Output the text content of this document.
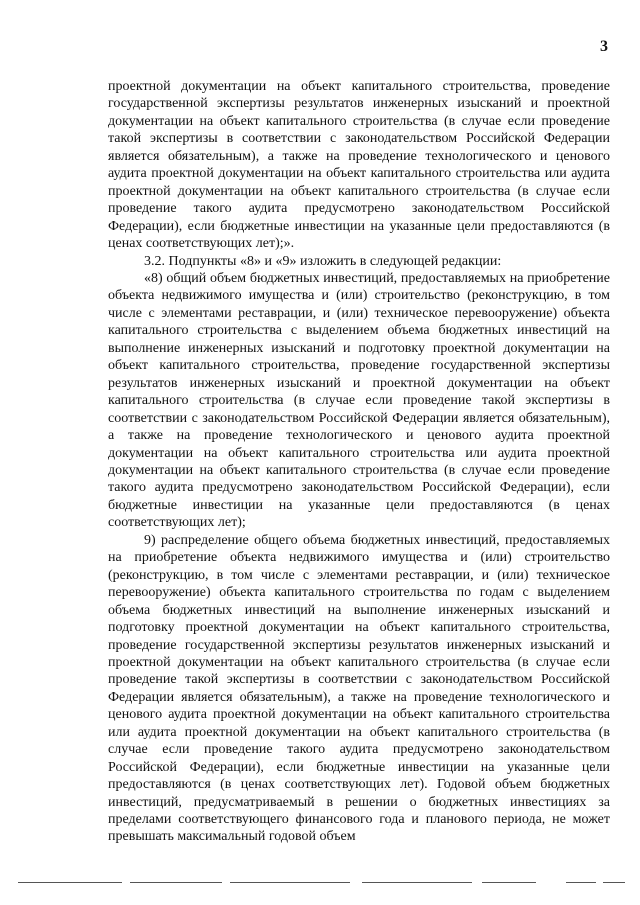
3

проектной документации на объект капитального строительства, проведение государственной экспертизы результатов инженерных изысканий и проектной документации на объект капитального строительства (в случае если проведение такой экспертизы в соответствии с законодательством Российской Федерации является обязательным), а также на проведение технологического и ценового аудита проектной документации на объект капитального строительства или аудита проектной документации на объект капитального строительства (в случае если проведение такого аудита предусмотрено законодательством Российской Федерации), если бюджетные инвестиции на указанные цели предоставляются (в ценах соответствующих лет);».

3.2. Подпункты «8» и «9» изложить в следующей редакции:

«8) общий объем бюджетных инвестиций, предоставляемых на приобретение объекта недвижимого имущества и (или) строительство (реконструкцию, в том числе с элементами реставрации, и (или) техническое перевооружение) объекта капитального строительства с выделением объема бюджетных инвестиций на выполнение инженерных изысканий и подготовку проектной документации на объект капитального строительства, проведение государственной экспертизы результатов инженерных изысканий и проектной документации на объект капитального строительства (в случае если проведение такой экспертизы в соответствии с законодательством Российской Федерации является обязательным), а также на проведение технологического и ценового аудита проектной документации на объект капитального строительства или аудита проектной документации на объект капитального строительства (в случае если проведение такого аудита предусмотрено законодательством Российской Федерации), если бюджетные инвестиции на указанные цели предоставляются (в ценах соответствующих лет);

9) распределение общего объема бюджетных инвестиций, предоставляемых на приобретение объекта недвижимого имущества и (или) строительство (реконструкцию, в том числе с элементами реставрации, и (или) техническое перевооружение) объекта капитального строительства по годам с выделением объема бюджетных инвестиций на выполнение инженерных изысканий и подготовку проектной документации на объект капитального строительства, проведение государственной экспертизы результатов инженерных изысканий и проектной документации на объект капитального строительства (в случае если проведение такой экспертизы в соответствии с законодательством Российской Федерации является обязательным), а также на проведение технологического и ценового аудита проектной документации на объект капитального строительства или аудита проектной документации на объект капитального строительства (в случае если проведение такого аудита предусмотрено законодательством Российской Федерации), если бюджетные инвестиции на указанные цели предоставляются (в ценах соответствующих лет). Годовой объем бюджетных инвестиций, предусматриваемый в решении о бюджетных инвестициях за пределами соответствующего финансового года и планового периода, не может превышать максимальный годовой объем
